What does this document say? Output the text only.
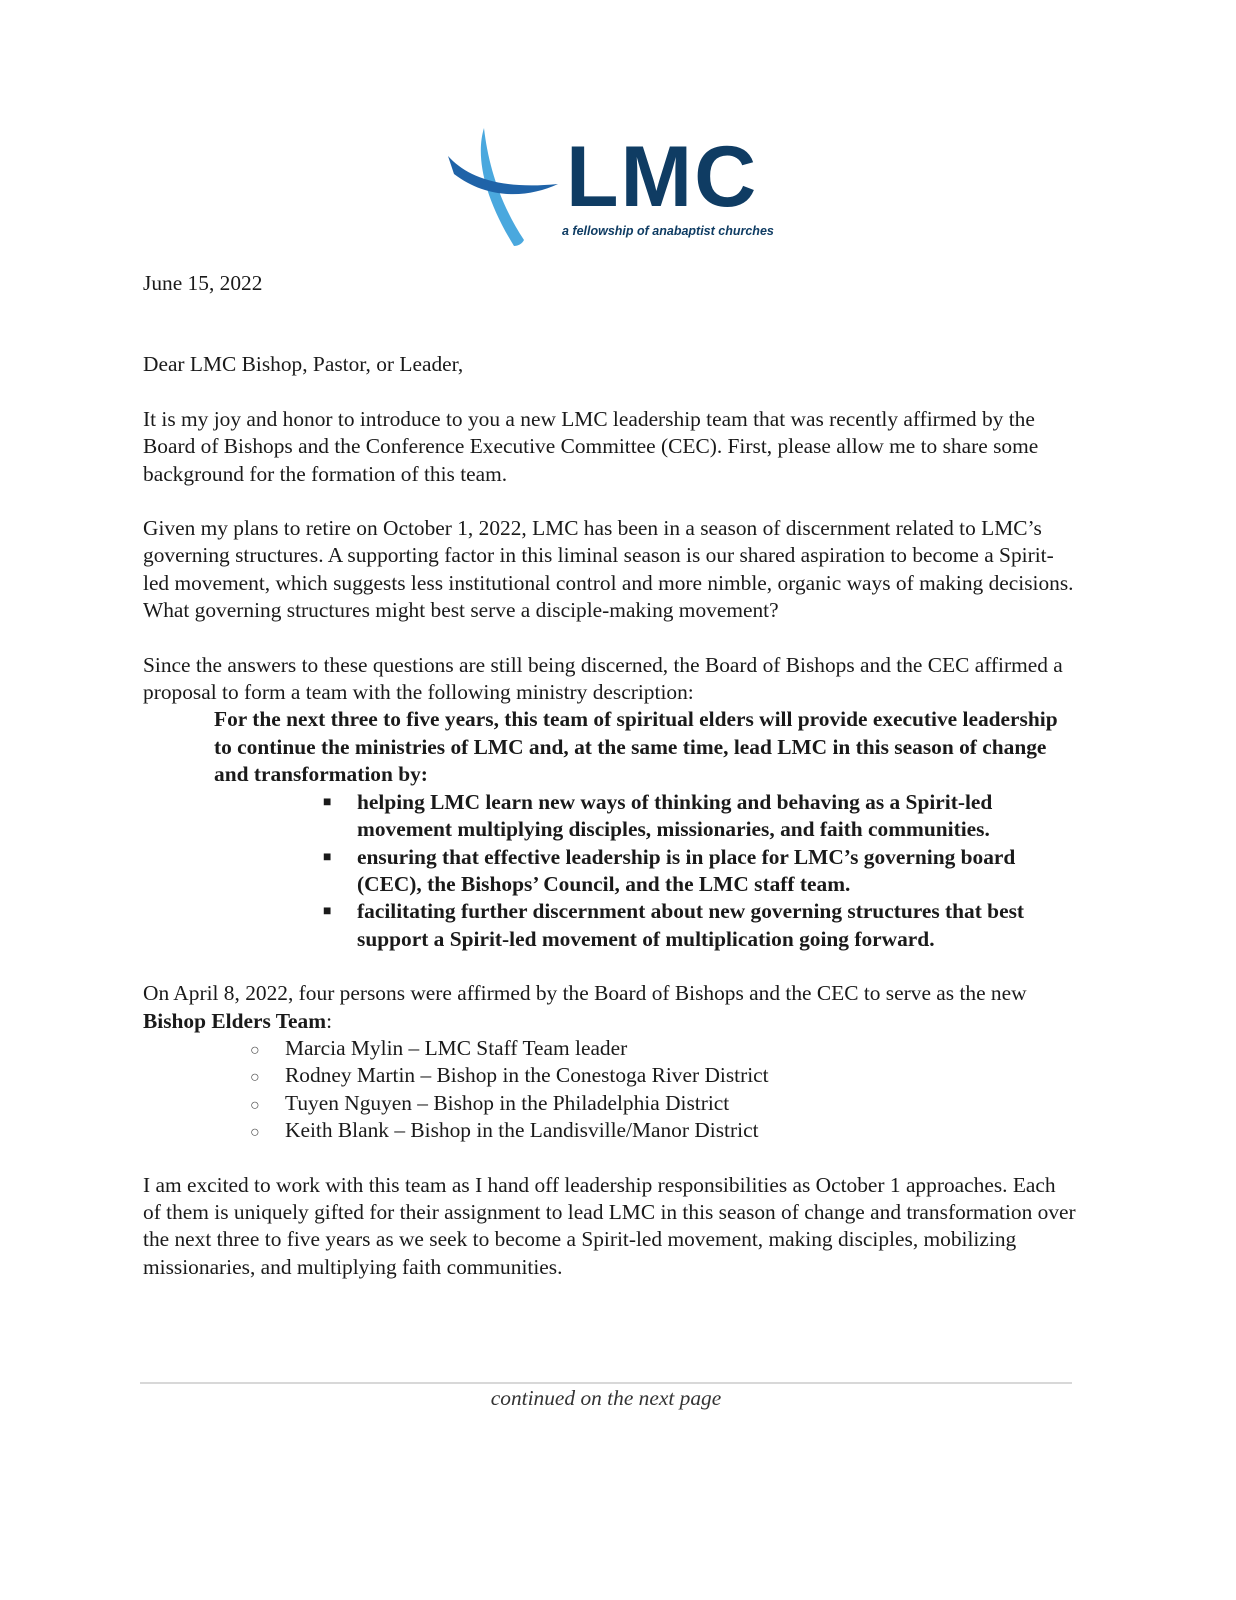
LMC
a fellowship of anabaptist churches

June 15, 2022

Dear LMC Bishop, Pastor, or Leader,

It is my joy and honor to introduce to you a new LMC leadership team that was recently affirmed by the Board of Bishops and the Conference Executive Committee (CEC). First, please allow me to share some background for the formation of this team.

Given my plans to retire on October 1, 2022, LMC has been in a season of discernment related to LMC’s governing structures. A supporting factor in this liminal season is our shared aspiration to become a Spirit-led movement, which suggests less institutional control and more nimble, organic ways of making decisions. What governing structures might best serve a disciple-making movement?

Since the answers to these questions are still being discerned, the Board of Bishops and the CEC affirmed a proposal to form a team with the following ministry description:

For the next three to five years, this team of spiritual elders will provide executive leadership to continue the ministries of LMC and, at the same time, lead LMC in this season of change and transformation by:

■ helping LMC learn new ways of thinking and behaving as a Spirit-led movement multiplying disciples, missionaries, and faith communities.
■ ensuring that effective leadership is in place for LMC’s governing board (CEC), the Bishops’ Council, and the LMC staff team.
■ facilitating further discernment about new governing structures that best support a Spirit-led movement of multiplication going forward.

On April 8, 2022, four persons were affirmed by the Board of Bishops and the CEC to serve as the new Bishop Elders Team:

○ Marcia Mylin – LMC Staff Team leader
○ Rodney Martin – Bishop in the Conestoga River District
○ Tuyen Nguyen – Bishop in the Philadelphia District
○ Keith Blank – Bishop in the Landisville/Manor District

I am excited to work with this team as I hand off leadership responsibilities as October 1 approaches. Each of them is uniquely gifted for their assignment to lead LMC in this season of change and transformation over the next three to five years as we seek to become a Spirit-led movement, making disciples, mobilizing missionaries, and multiplying faith communities.

continued on the next page
